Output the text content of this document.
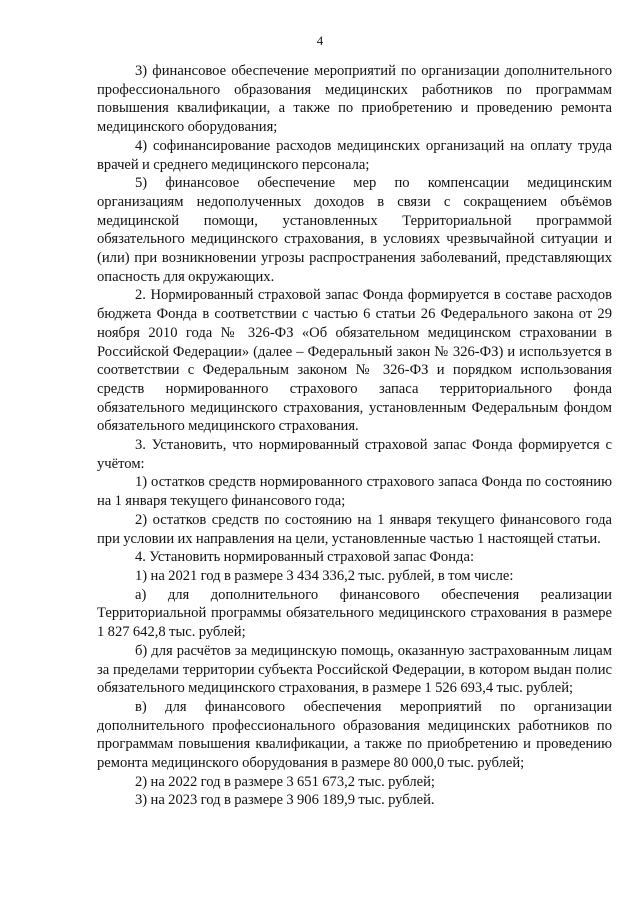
4

3) финансовое обеспечение мероприятий по организации дополнительного профессионального образования медицинских работников по программам повышения квалификации, а также по приобретению и проведению ремонта медицинского оборудования;

4) софинансирование расходов медицинских организаций на оплату труда врачей и среднего медицинского персонала;

5) финансовое обеспечение мер по компенсации медицинским организациям недополученных доходов в связи с сокращением объёмов медицинской помощи, установленных Территориальной программой обязательного медицинского страхования, в условиях чрезвычайной ситуации и (или) при возникновении угрозы распространения заболеваний, представляющих опасность для окружающих.

2. Нормированный страховой запас Фонда формируется в составе расходов бюджета Фонда в соответствии с частью 6 статьи 26 Федерального закона от 29 ноября 2010 года № 326-ФЗ «Об обязательном медицинском страховании в Российской Федерации» (далее – Федеральный закон № 326-ФЗ) и используется в соответствии с Федеральным законом № 326-ФЗ и порядком использования средств нормированного страхового запаса территориального фонда обязательного медицинского страхования, установленным Федеральным фондом обязательного медицинского страхования.

3. Установить, что нормированный страховой запас Фонда формируется с учётом:

1) остатков средств нормированного страхового запаса Фонда по состоянию на 1 января текущего финансового года;

2) остатков средств по состоянию на 1 января текущего финансового года при условии их направления на цели, установленные частью 1 настоящей статьи.

4. Установить нормированный страховой запас Фонда:

1) на 2021 год в размере 3 434 336,2 тыс. рублей, в том числе:

а) для дополнительного финансового обеспечения реализации Территориальной программы обязательного медицинского страхования в размере 1 827 642,8 тыс. рублей;

б) для расчётов за медицинскую помощь, оказанную застрахованным лицам за пределами территории субъекта Российской Федерации, в котором выдан полис обязательного медицинского страхования, в размере 1 526 693,4 тыс. рублей;

в) для финансового обеспечения мероприятий по организации дополнительного профессионального образования медицинских работников по программам повышения квалификации, а также по приобретению и проведению ремонта медицинского оборудования в размере 80 000,0 тыс. рублей;

2) на 2022 год в размере 3 651 673,2 тыс. рублей;

3) на 2023 год в размере 3 906 189,9 тыс. рублей.
